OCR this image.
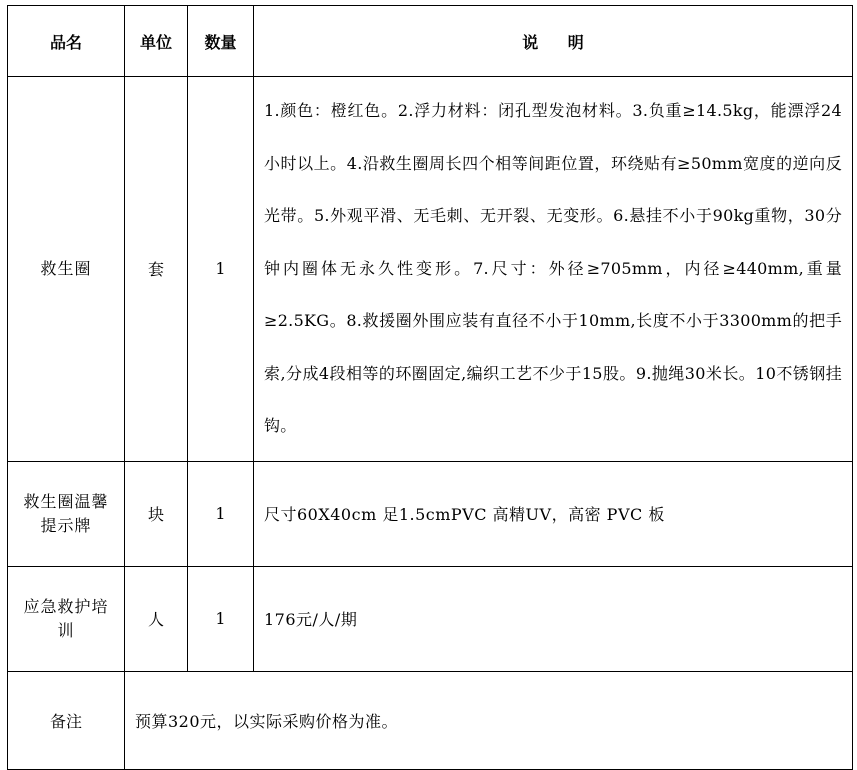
品名	单位	数量	说 明
救生圈	套	1	1.颜色：橙红色。2.浮力材料：闭孔型发泡材料。3.负重≥14.5kg，能漂浮24小时以上。4.沿救生圈周长四个相等间距位置，环绕贴有≥50mm宽度的逆向反光带。5.外观平滑、无毛刺、无开裂、无变形。6.悬挂不小于90kg重物，30分钟内圈体无永久性变形。7.尺寸：外径≥705mm，内径≥440mm,重量≥2.5KG。8.救援圈外围应装有直径不小于10mm,长度不小于3300mm的把手索,分成4段相等的环圈固定,编织工艺不少于15股。9.抛绳30米长。10不锈钢挂钩。
救生圈温馨提示牌	块	1	尺寸60X40cm 足1.5cmPVC 高精UV，高密 PVC 板
应急救护培训	人	1	176元/人/期
备注	预算320元，以实际采购价格为准。		
